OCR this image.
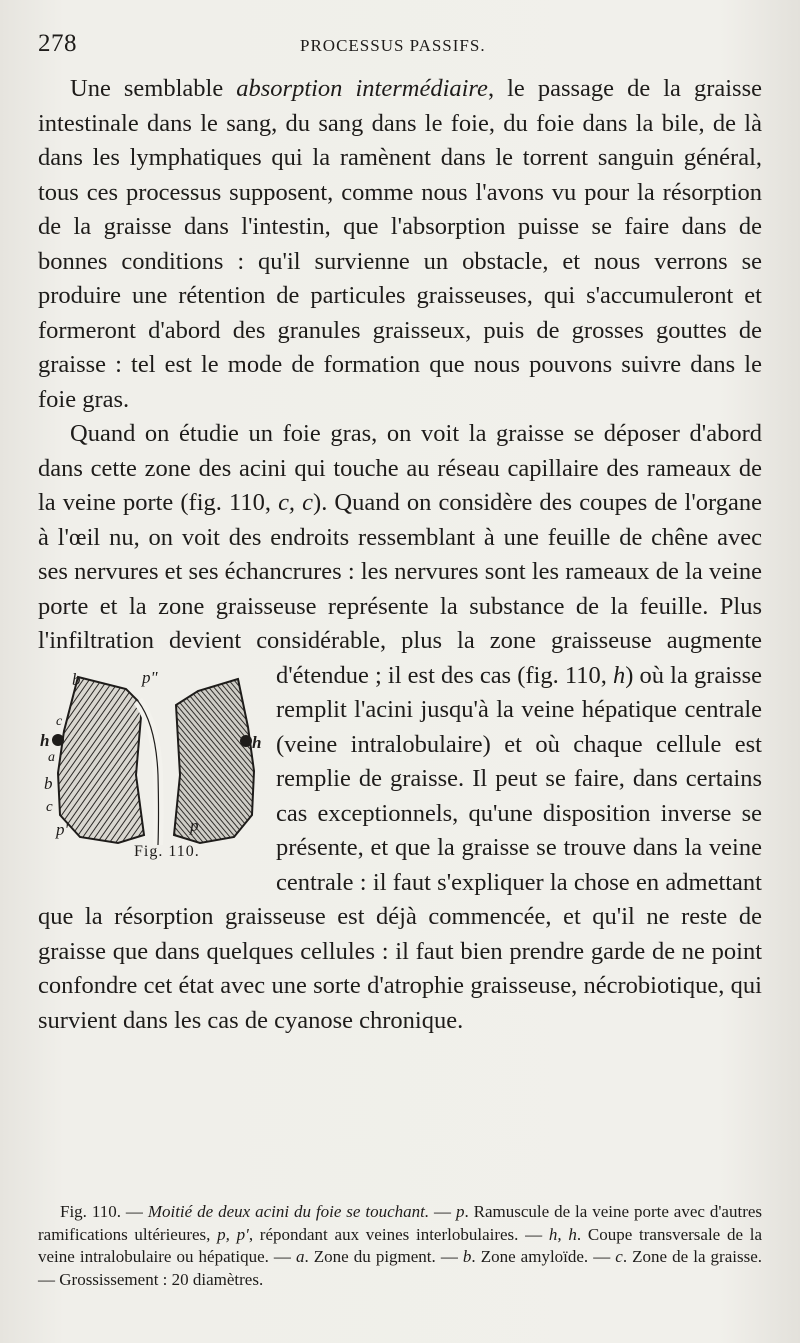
278	PROCESSUS PASSIFS.

Une semblable absorption intermédiaire, le passage de la graisse intestinale dans le sang, du sang dans le foie, du foie dans la bile, de là dans les lymphatiques qui la ramènent dans le torrent sanguin général, tous ces processus supposent, comme nous l'avons vu pour la résorption de la graisse dans l'intestin, que l'absorption puisse se faire dans de bonnes conditions : qu'il survienne un obstacle, et nous verrons se produire une rétention de particules graisseuses, qui s'accumuleront et formeront d'abord des granules graisseux, puis de grosses gouttes de graisse : tel est le mode de formation que nous pouvons suivre dans le foie gras.

Quand on étudie un foie gras, on voit la graisse se déposer d'abord dans cette zone des acini qui touche au réseau capillaire des rameaux de la veine porte (fig. 110, c, c). Quand on considère des coupes de l'organe à l'œil nu, on voit des endroits ressemblant à une feuille de chêne avec ses nervures et ses échancrures : les nervures sont les rameaux de la veine porte et la zone graisseuse représente la substance de la feuille. Plus l'infiltration devient considérable, plus la zone graisseuse augmente d'étendue ; il est des cas (fig. 110,
b	p"
h
a
c
b
c
h
p'	p
Fig. 110.
h) où la graisse remplit l'acini jusqu'à la veine hépatique centrale (veine intralobulaire) et où chaque cellule est remplie de graisse. Il peut se faire, dans certains cas exceptionnels, qu'une disposition inverse se présente, et que la graisse se trouve dans la veine centrale : il faut s'expliquer la chose en admettant que la résorption graisseuse est déjà commencée, et qu'il ne reste de graisse que dans quelques cellules : il faut bien prendre garde de ne point confondre cet état avec une sorte d'atrophie graisseuse, nécrobiotique, qui survient dans les cas de cyanose chronique.

Fig. 110. — Moitié de deux acini du foie se touchant. — p. Ramuscule de la veine porte avec d'autres ramifications ultérieures, p, p', répondant aux veines interlobulaires. — h, h. Coupe transversale de la veine intralobulaire ou hépatique. — a. Zone du pigment. — b. Zone amyloïde. — c. Zone de la graisse. — Grossissement : 20 diamètres.
